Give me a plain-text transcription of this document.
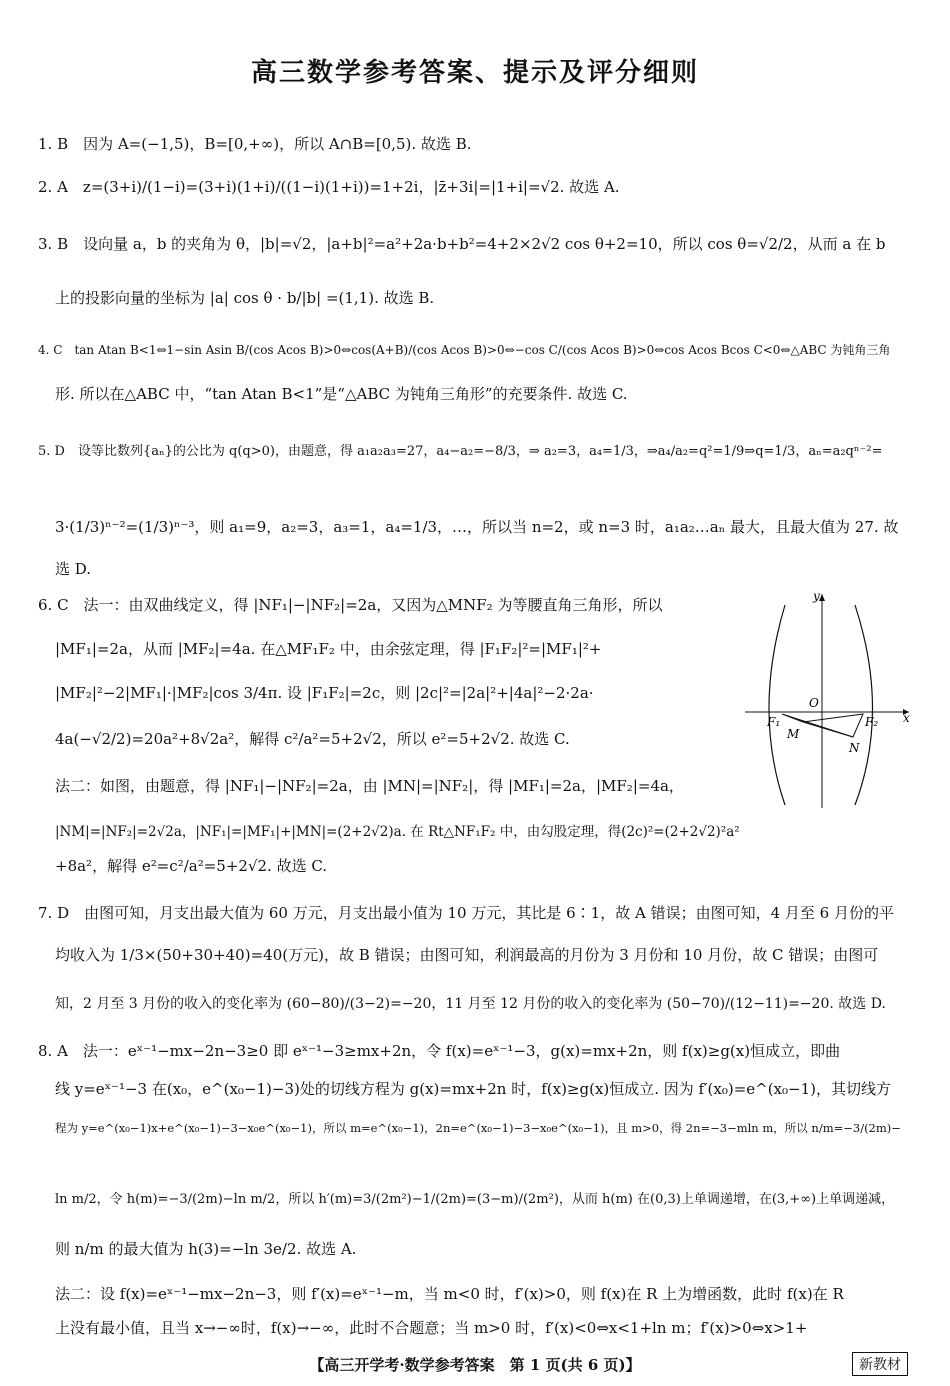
高三数学参考答案、提示及评分细则
1. B　因为 A=(−1,5)，B=[0,+∞)，所以 A∩B=[0,5). 故选 B.
2. A　z=(3+i)/(1−i)=(3+i)(1+i)/((1−i)(1+i))=1+2i，|z̄+3i|=|1+i|=√2. 故选 A.
3. B　设向量 a，b 的夹角为 θ，|b|=√2，|a+b|²=a²+2a·b+b²=4+2×2√2 cos θ+2=10，所以 cos θ=√2/2，从而 a 在 b
上的投影向量的坐标为 |a| cos θ · b/|b| =(1,1). 故选 B.
4. C　tan Atan B<1⇔1−sin Asin B/(cos Acos B)>0⇔cos(A+B)/(cos Acos B)>0⇔−cos C/(cos Acos B)>0⇔cos Acos Bcos C<0⇔△ABC 为钝角三角
形. 所以在△ABC 中，“tan Atan B<1”是“△ABC 为钝角三角形”的充要条件. 故选 C.
5. D　设等比数列{aₙ}的公比为 q(q>0)，由题意，得 a₁a₂a₃=27，a₄−a₂=−8/3，⇒ a₂=3，a₄=1/3，⇒a₄/a₂=q²=1/9⇒q=1/3，aₙ=a₂qⁿ⁻²=
3·(1/3)ⁿ⁻²=(1/3)ⁿ⁻³，则 a₁=9，a₂=3，a₃=1，a₄=1/3，…，所以当 n=2，或 n=3 时，a₁a₂…aₙ 最大，且最大值为 27. 故
选 D.
6. C　法一：由双曲线定义，得 |NF₁|−|NF₂|=2a，又因为△MNF₂ 为等腰直角三角形，所以
|MF₁|=2a，从而 |MF₂|=4a. 在△MF₁F₂ 中，由余弦定理，得 |F₁F₂|²=|MF₁|²+
|MF₂|²−2|MF₁|·|MF₂|cos 3/4π. 设 |F₁F₂|=2c，则 |2c|²=|2a|²+|4a|²−2·2a·
4a(−√2/2)=20a²+8√2a²，解得 c²/a²=5+2√2，所以 e²=5+2√2. 故选 C.
法二：如图，由题意，得 |NF₁|−|NF₂|=2a，由 |MN|=|NF₂|，得 |MF₁|=2a，|MF₂|=4a，
|NM|=|NF₂|=2√2a，|NF₁|=|MF₁|+|MN|=(2+2√2)a. 在 Rt△NF₁F₂ 中，由勾股定理，得(2c)²=(2+2√2)²a²
+8a²，解得 e²=c²/a²=5+2√2. 故选 C.
7. D　由图可知，月支出最大值为 60 万元，月支出最小值为 10 万元，其比是 6∶1，故 A 错误；由图可知，4 月至 6 月份的平
均收入为 1/3×(50+30+40)=40(万元)，故 B 错误；由图可知，利润最高的月份为 3 月份和 10 月份，故 C 错误；由图可
知，2 月至 3 月份的收入的变化率为 (60−80)/(3−2)=−20，11 月至 12 月份的收入的变化率为 (50−70)/(12−11)=−20. 故选 D.
8. A　法一：eˣ⁻¹−mx−2n−3≥0 即 eˣ⁻¹−3≥mx+2n，令 f(x)=eˣ⁻¹−3，g(x)=mx+2n，则 f(x)≥g(x)恒成立，即曲
线 y=eˣ⁻¹−3 在(x₀，e^(x₀−1)−3)处的切线方程为 g(x)=mx+2n 时，f(x)≥g(x)恒成立. 因为 f′(x₀)=e^(x₀−1)，其切线方
程为 y=e^(x₀−1)x+e^(x₀−1)−3−x₀e^(x₀−1)，所以 m=e^(x₀−1)，2n=e^(x₀−1)−3−x₀e^(x₀−1)，且 m>0，得 2n=−3−mln m，所以 n/m=−3/(2m)−
ln m/2，令 h(m)=−3/(2m)−ln m/2，所以 h′(m)=3/(2m²)−1/(2m)=(3−m)/(2m²)，从而 h(m) 在(0,3)上单调递增，在(3,+∞)上单调递减，
则 n/m 的最大值为 h(3)=−ln 3e/2. 故选 A.
法二：设 f(x)=eˣ⁻¹−mx−2n−3，则 f′(x)=eˣ⁻¹−m，当 m<0 时，f′(x)>0，则 f(x)在 R 上为增函数，此时 f(x)在 R
上没有最小值，且当 x→−∞时，f(x)→−∞，此时不合题意；当 m>0 时，f′(x)<0⇔x<1+ln m；f′(x)>0⇔x>1+
y
x
O
F₁	F₂
M
N
【高三开学考·数学参考答案　第 1 页(共 6 页)】	新教材
